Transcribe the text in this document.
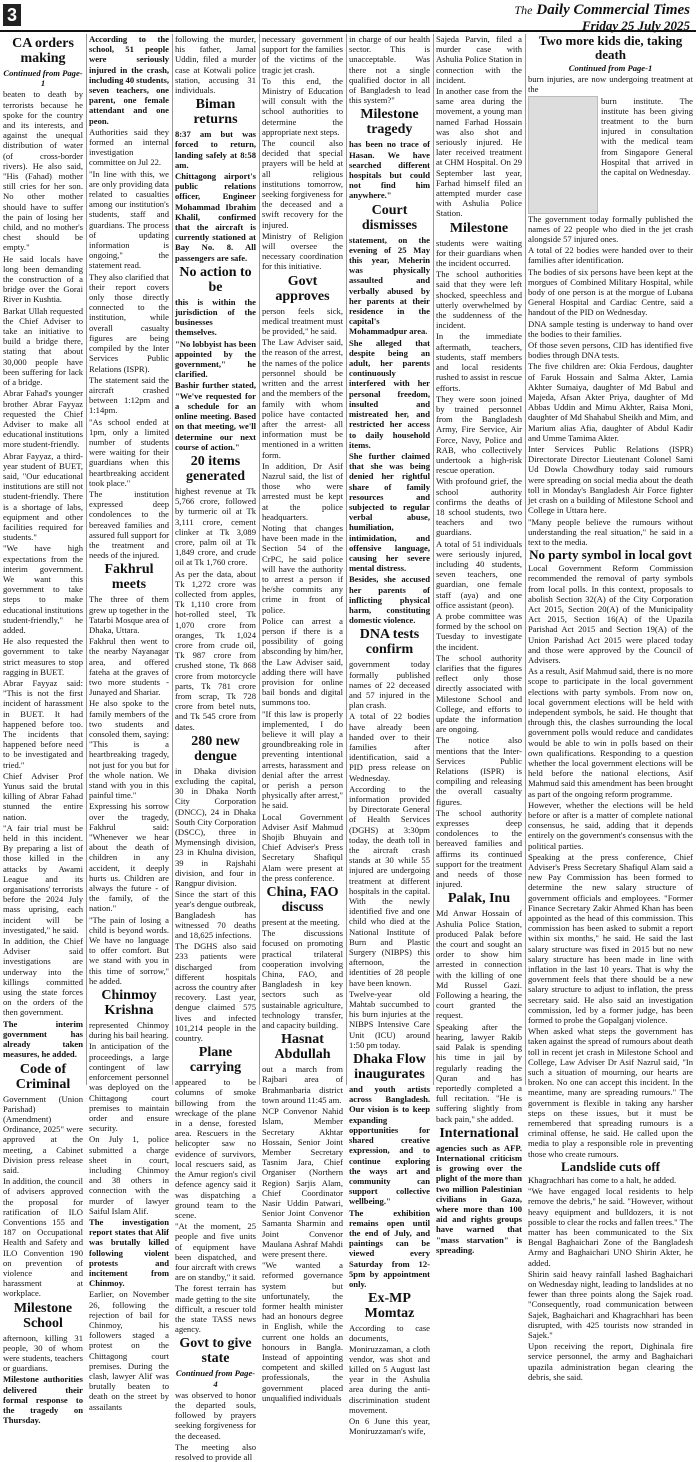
3	The Daily Commercial Times
Friday 25 July 2025
CA orders making

Continued from Page-1

beaten to death by terrorists because he spoke for the country and its interests, and against the unequal distribution of water (of cross-border rivers). He also said, "His (Fahad) mother still cries for her son. No other mother should have to suffer the pain of losing her child, and no mother's chest should be empty."

He said locals have long been demanding the construction of a bridge over the Gorai River in Kushtia.

Barkat Ullah requested the Chief Adviser to take an initiative to build a bridge there, stating that about 30,000 people have been suffering for lack of a bridge.

Abrar Fahad's younger brother Abrar Fayyaz requested the Chief Adviser to make all educational institutions more student-friendly.

Abrar Fayyaz, a third-year student of BUET, said, "Our educational institutions are still not student-friendly. There is a shortage of labs, equipment and other facilities required for students."

"We have high expectations from the interim government. We want this government to take steps to make educational institutions student-friendly," he added.

He also requested the government to take strict measures to stop ragging in BUET.

Abrar Fayyaz said: "This is not the first incident of harassment in BUET. It had happened before too. The incidents that happened before need to be investigated and tried."

Chief Adviser Prof Yunus said the brutal killing of Abrar Fahad stunned the entire nation.

"A fair trial must be held in this incident. By preparing a list of those killed in the attacks by Awami League and its organisations' terrorists before the 2024 July mass uprising, each incident will be investigated," he said.

In addition, the Chief Adviser said investigations are underway into the killings committed using the state forces on the orders of the then government.

The interim government has already taken measures, he added.

Code of Criminal

Government (Union Parishad) (Amendment) Ordinance, 2025" were approved at the meeting, a Cabinet Division press release said.

In addition, the council of advisers approved the proposal for ratification of ILO Conventions 155 and 187 on Occupational Health and Safety and ILO Convention 190 on prevention of violence and harassment at workplace.

Milestone School

afternoon, killing 31 people, 30 of whom were students, teachers or guardians.

Milestone authorities delivered their formal response to the tragedy on Thursday.

According to the school, 51 people were seriously injured in the crash, including 40 students, seven teachers, one parent, one female attendant and one peon.

Authorities said they formed an internal investigation committee on Jul 22.

"In line with this, we are only providing data related to casualties among our institution's students, staff and guardians. The process of updating information is ongoing," the statement read.

They also clarified that their report covers only those directly connected to the institution, while overall casualty figures are being compiled by the Inter Services Public Relations (ISPR).

The statement said the aircraft crashed between 1:12pm and 1:14pm.

"As school ended at 1pm, only a limited number of students were waiting for their guardians when this heartbreaking accident took place."

The institution expressed deep condolences to the bereaved families and assured full support for the treatment and needs of the injured.

Fakhrul meets

The three of them grew up together in the Tatarbi Mosque area of Dhaka, Uttara.

Fakhrul then went to the nearby Nayanagar area, and offered fateha at the graves of two more students - Junayed and Shariar.

He also spoke to the family members of the two students and consoled them, saying: "This is a heartbreaking tragedy, not just for you but for the whole nation. We stand with you in this painful time."

Expressing his sorrow over the tragedy, Fakhrul said: "Whenever we hear about the death of children in any accident, it deeply hurts us. Children are always the future - of the family, of the nation."

"The pain of losing a child is beyond words. We have no language to offer comfort. But we stand with you in this time of sorrow," he added.

Chinmoy Krishna

represented Chinmoy during his bail hearing.

In anticipation of the proceedings, a large contingent of law enforcement personnel was deployed on the Chittagong court premises to maintain order and ensure security.

On July 1, police submitted a charge sheet in court, including Chinmoy and 38 others in connection with the murder of lawyer Saiful Islam Alif.

The investigation report states that Alif was brutally killed following violent protests and incitement from Chinmoy.

Earlier, on November 26, following the rejection of bail for Chinmoy, his followers staged a protest on the Chittagong court premises. During the clash, lawyer Alif was brutally beaten to death on the street by assailants

following the murder, his father, Jamal Uddin, filed a murder case at Kotwali police station, accusing 31 individuals.

Biman returns

8:37 am but was forced to return, landing safely at 8:58 am.

Chittagong airport's public relations officer, Engineer Mohammad Ibrahim Khalil, confirmed that the aircraft is currently stationed at Bay No. 8. All passengers are safe.

No action to be

this is within the jurisdiction of the businesses themselves.

"No lobbyist has been appointed by the government," he clarified.

Bashir further stated, "We've requested for a schedule for an online meeting. Based on that meeting, we'll determine our next course of action."

20 items generated

highest revenue at Tk 5,766 crore, followed by turmeric oil at Tk 3,111 crore, cement clinker at Tk 3,089 crore, palm oil at Tk 1,849 crore, and crude oil at Tk 1,760 crore.

As per the data, about Tk 1,272 crore was collected from apples, Tk 1,110 crore from hot-rolled steel, Tk 1,070 crore from oranges, Tk 1,024 crore from crude oil, Tk 987 crore from crushed stone, Tk 868 crore from motorcycle parts, Tk 781 crore from scrap, Tk 728 crore from betel nuts, and Tk 545 crore from dates.

280 new dengue

in Dhaka division excluding the capital, 30 in Dhaka North City Corporation (DNCC), 24 in Dhaka South City Corporation (DSCC), three in Mymensingh division, 23 in Khulna division, 39 in Rajshahi division, and four in Rangpur division.

Since the start of this year's dengue outbreak, Bangladesh has witnessed 70 deaths and 18,625 infections.

The DGHS also said 233 patients were discharged from different hospitals across the country after recovery. Last year, dengue claimed 575 lives and infected 101,214 people in the country.

Plane carrying

appeared to be columns of smoke billowing from the wreckage of the plane in a dense, forested area. Rescuers in the helicopter saw no evidence of survivors, local rescuers said, as the Amur region's civil defence agency said it was dispatching a ground team to the scene.

"At the moment, 25 people and five units of equipment have been dispatched, and four aircraft with crews are on standby," it said.

The forest terrain has made getting to the site difficult, a rescuer told the state TASS news agency.

Govt to give state

Continued from Page-4

was observed to honor the departed souls, followed by prayers seeking forgiveness for the deceased.

The meeting also resolved to provide all

necessary government support for the families of the victims of the tragic jet crash.

To this end, the Ministry of Education will consult with the school authorities to determine the appropriate next steps.

The council also decided that special prayers will be held at all religious institutions tomorrow, seeking forgiveness for the deceased and a swift recovery for the injured.

Ministry of Religion will oversee the necessary coordination for this initiative.

Govt approves

person feels sick, medical treatment must be provided," he said.

The Law Adviser said, the reason of the arrest, the names of the police personnel should be written and the arrest and the members of the family with whom police have contacted after the arrest- all information must be mentioned in a written form.

In addition, Dr Asif Nazrul said, the list of those who were arrested must be kept at the police headquarters.

Noting that changes have been made in the Section 54 of the CrPC, he said police will have the authority to arrest a person if he/she commits any crime in front of police.

Police can arrest a person if there is a possibility of going absconding by him/her, the Law Adviser said, adding there will have provision for online bail bonds and digital summons too.

"If this law is properly implemented, I do believe it will play a groundbreaking role in preventing intentional arrests, harassment and denial after the arrest or perish a person physically after arrest," he said.

Local Government Adviser Asif Mahmud Shojib Bhuyain and Chief Adviser's Press Secretary Shafiqul Alam were present at the press conference.

China, FAO discuss

present at the meeting.

The discussions focused on promoting practical trilateral cooperation involving China, FAO, and Bangladesh in key sectors such as sustainable agriculture, technology transfer, and capacity building.

Hasnat Abdullah

out a march from Rajbari area of Brahmanbaria district town around 11:45 am.

NCP Convenor Nahid Islam, Member Secretary Akhtar Hossain, Senior Joint Member Secretary Tasnim Jara, Chief Organiser (Northern Region) Sarjis Alam, Chief Coordinator Nasir Uddin Patwari, Senior Joint Convenor Samanta Sharmin and Joint Convenor Maulana Ashraf Mahdi were present there.

"We wanted a reformed governance system but unfortunately, the former health minister had an honours degree in English, while the current one holds an honours in Bangla. Instead of appointing competent and skilled professionals, the government placed unqualified individuals

in charge of our health sector. This is unacceptable. Was there not a single qualified doctor in all of Bangladesh to lead this system?"

Milestone tragedy

has been no trace of Hasan. We have searched different hospitals but could not find him anywhere."

Court dismisses

statement, on the evening of 25 May this year, Meherin was physically assaulted and verbally abused by her parents at their residence in the capital's Mohammadpur area.

She alleged that despite being an adult, her parents continuously interfered with her personal freedom, insulted and mistreated her, and restricted her access to daily household items.

She further claimed that she was being denied her rightful share of family resources and subjected to regular verbal abuse, humiliation, intimidation, and offensive language, causing her severe mental distress.

Besides, she accused her parents of inflicting physical harm, constituting domestic violence.

DNA tests confirm

government today formally published names of 22 deceased and 57 injured in the plan crash.

A total of 22 bodies have already been handed over to their families after identification, said a PID press release on Wednesday.

According to the information provided by Directorate General of Health Services (DGHS) at 3:30pm today, the death toll in the aircraft crash stands at 30 while 55 injured are undergoing treatment at different hospitals in the capital. With the newly identified five and one child who died at the National Institute of Burn and Plastic Surgery (NIBPS) this afternoon, the identities of 28 people have been known.

Twelve-year old Mahtab succumbed to his burn injuries at the NIBPS Intensive Care Unit (ICU) around 1:50 pm today.

Dhaka Flow inaugurates

and youth artists across Bangladesh. Our vision is to keep expanding opportunities for shared creative expression, and to continue exploring the ways art and community can support collective wellbeing."

The exhibition remains open until the end of July, and paintings can be viewed every Saturday from 12-5pm by appointment only.

Ex-MP Momtaz

According to case documents, Moniruzzaman, a cloth vendor, was shot and killed on 5 August last year in the Ashulia area during the anti-discrimination student movement.

On 6 June this year, Moniruzzaman's wife,

Sajeda Parvin, filed a murder case with Ashulia Police Station in connection with the incident.

In another case from the same area during the movement, a young man named Farhad Hossain was also shot and seriously injured. He later received treatment at CHM Hospital. On 29 September last year, Farhad himself filed an attempted murder case with Ashulia Police Station.

Milestone

students were waiting for their guardians when the incident occurred.

The school authorities said that they were left shocked, speechless and utterly overwhelmed by the suddenness of the incident.

In the immediate aftermath, teachers, students, staff members and local residents rushed to assist in rescue efforts.

They were soon joined by trained personnel from the Bangladesh Army, Fire Service, Air Force, Navy, Police and RAB, who collectively undertook a high-risk rescue operation.

With profound grief, the school authority confirms the deaths of 18 school students, two teachers and two guardians.

A total of 51 individuals were seriously injured, including 40 students, seven teachers, one guardian, one female staff (aya) and one office assistant (peon).

A probe committee was formed by the school on Tuesday to investigate the incident.

The school authority clarifies that the figures reflect only those directly associated with Milestone School and College, and efforts to update the information are ongoing.

The notice also mentions that the Inter-Services Public Relations (ISPR) is compiling and releasing the overall casualty figures.

The school authority expresses deep condolences to the bereaved families and affirms its continued support for the treatment and needs of those injured.

Palak, Inu

Md Anwar Hossain of Ashulia Police Station, produced Palak before the court and sought an order to show him arrested in connection with the killing of one Md Russel Gazi. Following a hearing, the court granted the request.

Speaking after the hearing, lawyer Rakib said Palak is spending his time in jail by regularly reading the Quran and has reportedly completed a full recitation. "He is suffering slightly from back pain," she added.

International

agencies such as AFP. International criticism is growing over the plight of the more than two million Palestinian civilians in Gaza, where more than 100 aid and rights groups have warned that "mass starvation" is spreading.

Two more kids die, taking death

Continued from Page-1

burn injuries, are now undergoing treatment at the

burn institute. The institute has been giving treatment to the burn injured in consultation with the medical team from Singapore General Hospital that arrived in the capital on Wednesday.

The government today formally published the names of 22 people who died in the jet crash alongside 57 injured ones.

A total of 22 bodies were handed over to their families after identification.

The bodies of six persons have been kept at the morgues of Combined Military Hospital, while body of one person is at the morgue of Lubana General Hospital and Cardiac Centre, said a handout of the PID on Wednesday.

DNA sample testing is underway to hand over the bodies to their families.

Of those seven persons, CID has identified five bodies through DNA tests.

The five children are: Okia Ferdous, daughter of Faruk Hossain and Salma Akter, Lamia Akhter Sumaiya, daughter of Md Babul and Majeda, Afsan Akter Priya, daughter of Md Abbas Uddin and Mimu Akhter, Raisa Moni, daughter of Md Shahabul Sheikh and Mim, and Marium alias Afia, daughter of Abdul Kadir and Umme Tamima Akter.

Inter Services Public Relations (ISPR) Directorate Director Lieutenant Colonel Sami Ud Dowla Chowdhury today said rumours were spreading on social media about the death toll in Monday's Bangladesh Air Force fighter jet crash on a building of Milestone School and College in Uttara here.

"Many people believe the rumours without understanding the real situation," he said in a text to the media.

No party symbol in local govt

Local Government Reform Commission recommended the removal of party symbols from local polls. In this context, proposals to abolish Section 32(A) of the City Corporation Act 2015, Section 20(A) of the Municipality Act 2015, Section 16(A) of the Upazila Parishad Act 2015 and Section 19(A) of the Union Parishad Act 2015 were placed today and those were approved by the Council of Advisers.

As a result, Asif Mahmud said, there is no more scope to participate in the local government elections with party symbols. From now on, local government elections will be held with independent symbols, he said. He thought that through this, the clashes surrounding the local government polls would reduce and candidates would be able to win in polls based on their own qualifications. Responding to a question whether the local government elections will be held before the national elections, Asif Mahmud said this amendment has been brought as part of the ongoing reform programme.

However, whether the elections will be held before or after is a matter of complete national consensus, he said, adding that it depends entirely on the government's consensus with the political parties.

Speaking at the press conference, Chief Adviser's Press Secretary Shafiqul Alam said a new Pay Commission has been formed to determine the new salary structure of government officials and employees. "Former Finance Secretary Zakir Ahmed Khan has been appointed as the head of this commission. This commission has been asked to submit a report within six months," he said. He said the last salary structure was fixed in 2015 but no new salary structure has been made in line with inflation in the last 10 years. That is why the government feels that there should be a new salary structure to adjust to inflation, the press secretary said. He also said an investigation commission, led by a former judge, has been formed to probe the Gopalganj violence.

When asked what steps the government has taken against the spread of rumours about death toll in recent jet crash in Milestone School and College, Law Adviser Dr Asif Nazrul said, "In such a situation of mourning, our hearts are broken. No one can accept this incident. In the meantime, many are spreading rumours." The government is flexible in taking any harsher steps on these issues, but it must be remembered that spreading rumours is a criminal offense, he said. He called upon the media to play a responsible role in preventing those who create rumours.

Landslide cuts off

Khagrachhari has come to a halt, he added.

"We have engaged local residents to help remove the debris," he said. "However, without heavy equipment and bulldozers, it is not possible to clear the rocks and fallen trees." The matter has been communicated to the Six Bengal Baghaichari Zone of the Bangladesh Army and Baghaichari UNO Shirin Akter, he added.

Shirin said heavy rainfall lashed Baghaichari on Wednesday night, leading to landslides at no fewer than three points along the Sajek road. "Consequently, road communication between Sajek, Baghaichari and Khagrachhari has been disrupted, with 425 tourists now stranded in Sajek."

Upon receiving the report, Dighinala fire service personnel, the army and Baghaichari upazila administration began clearing the debris, she said.
